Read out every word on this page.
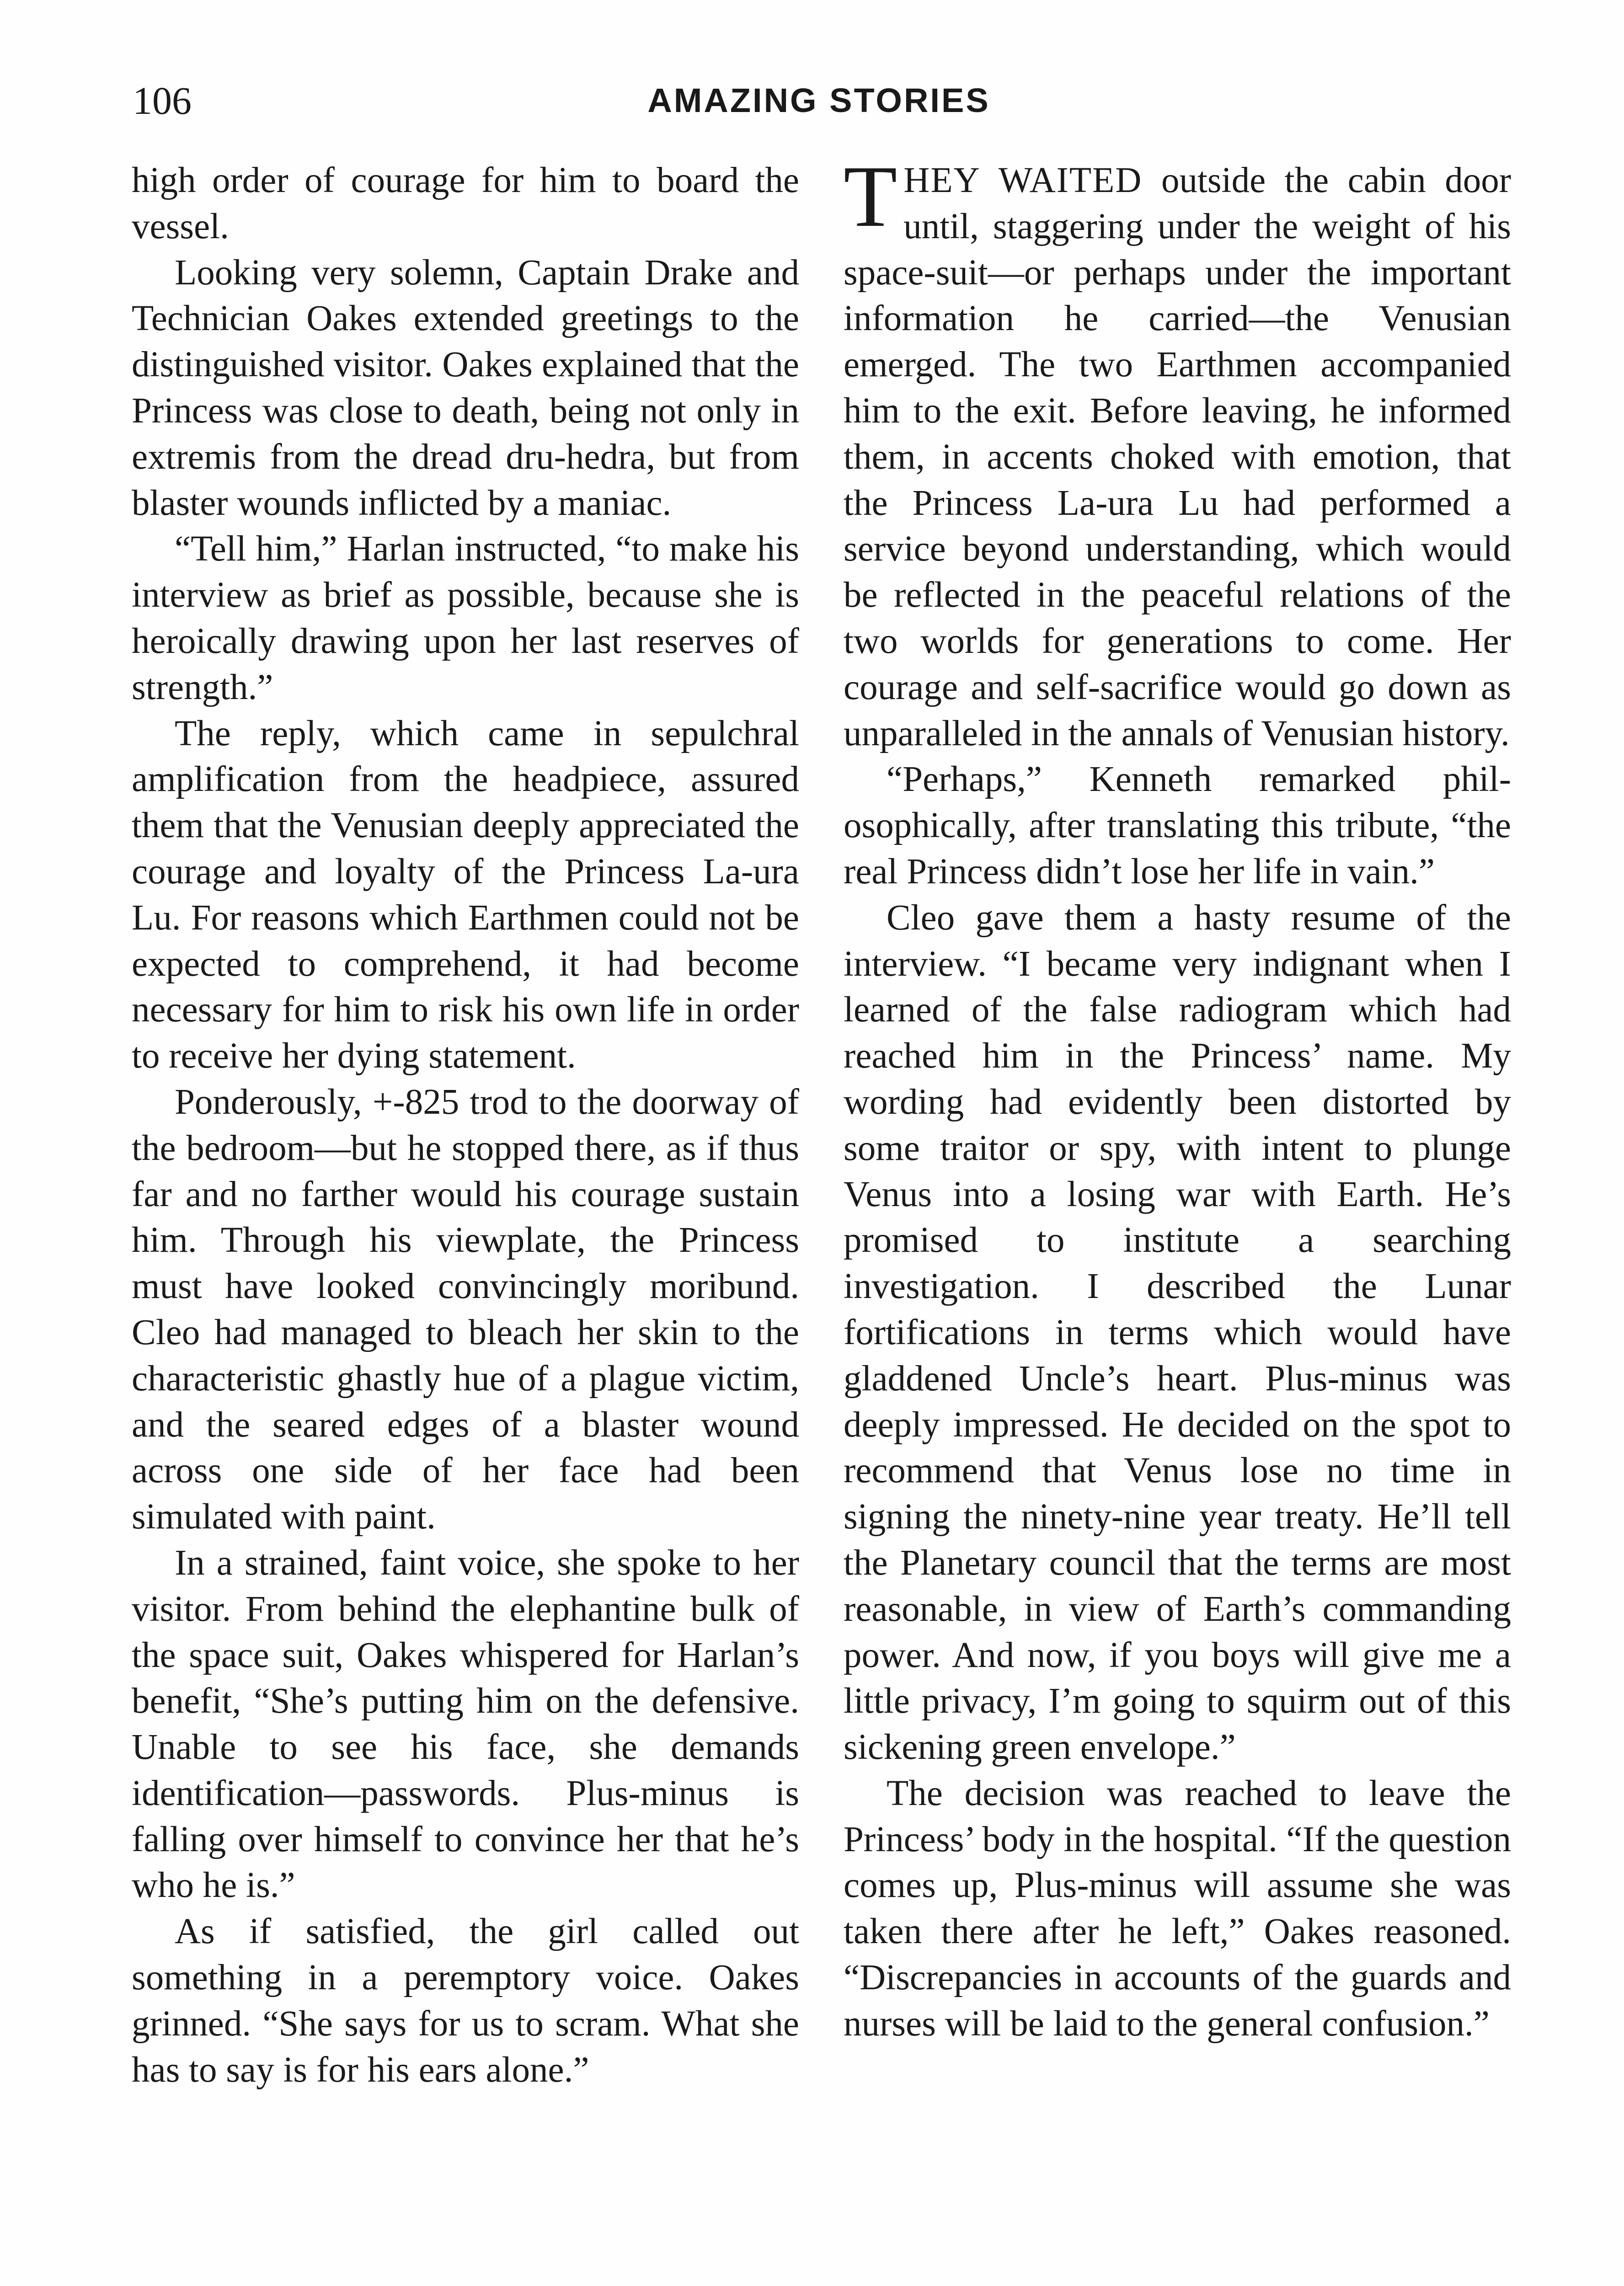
106	AMAZING STORIES

high order of courage for him to board the vessel.

Looking very solemn, Captain Drake and Technician Oakes extended greetings to the distinguished visitor. Oakes explained that the Princess was close to death, being not only in extremis from the dread dru-hedra, but from blaster wounds inflicted by a maniac.

“Tell him,” Harlan instructed, “to make his interview as brief as possible, because she is heroically drawing upon her last reserves of strength.”

The reply, which came in sepulchral amplification from the headpiece, assured them that the Venusian deeply appreciated the courage and loyalty of the Princess La-ura Lu. For reasons which Earthmen could not be expected to comprehend, it had become necessary for him to risk his own life in order to receive her dying statement.

Ponderously, +-825 trod to the doorway of the bedroom—but he stopped there, as if thus far and no farther would his courage sustain him. Through his viewplate, the Princess must have looked convincingly moribund. Cleo had managed to bleach her skin to the characteristic ghastly hue of a plague victim, and the seared edges of a blaster wound across one side of her face had been simulated with paint.

In a strained, faint voice, she spoke to her visitor. From behind the elephantine bulk of the space suit, Oakes whispered for Harlan’s benefit, “She’s putting him on the defensive. Unable to see his face, she demands identification—passwords. Plus-minus is falling over himself to convince her that he’s who he is.”

As if satisfied, the girl called out something in a peremptory voice. Oakes grinned. “She says for us to scram. What she has to say is for his ears alone.”

THEY WAITED outside the cabin door until, staggering under the weight of his space-suit—or perhaps under the important information he carried—the Venusian emerged. The two Earthmen accompanied him to the exit. Before leaving, he informed them, in accents choked with emotion, that the Princess La-ura Lu had performed a service beyond understanding, which would be reflected in the peaceful relations of the two worlds for generations to come. Her courage and self-sacrifice would go down as unparalleled in the annals of Venusian history.

“Perhaps,” Kenneth remarked philosophically, after translating this tribute, “the real Princess didn’t lose her life in vain.”

Cleo gave them a hasty resume of the interview. “I became very indignant when I learned of the false radiogram which had reached him in the Princess’ name. My wording had evidently been distorted by some traitor or spy, with intent to plunge Venus into a losing war with Earth. He’s promised to institute a searching investigation. I described the Lunar fortifications in terms which would have gladdened Uncle’s heart. Plus-minus was deeply impressed. He decided on the spot to recommend that Venus lose no time in signing the ninety-nine year treaty. He’ll tell the Planetary council that the terms are most reasonable, in view of Earth’s commanding power. And now, if you boys will give me a little privacy, I’m going to squirm out of this sickening green envelope.”

The decision was reached to leave the Princess’ body in the hospital. “If the question comes up, Plus-minus will assume she was taken there after he left,” Oakes reasoned. “Discrepancies in accounts of the guards and nurses will be laid to the general confusion.”
